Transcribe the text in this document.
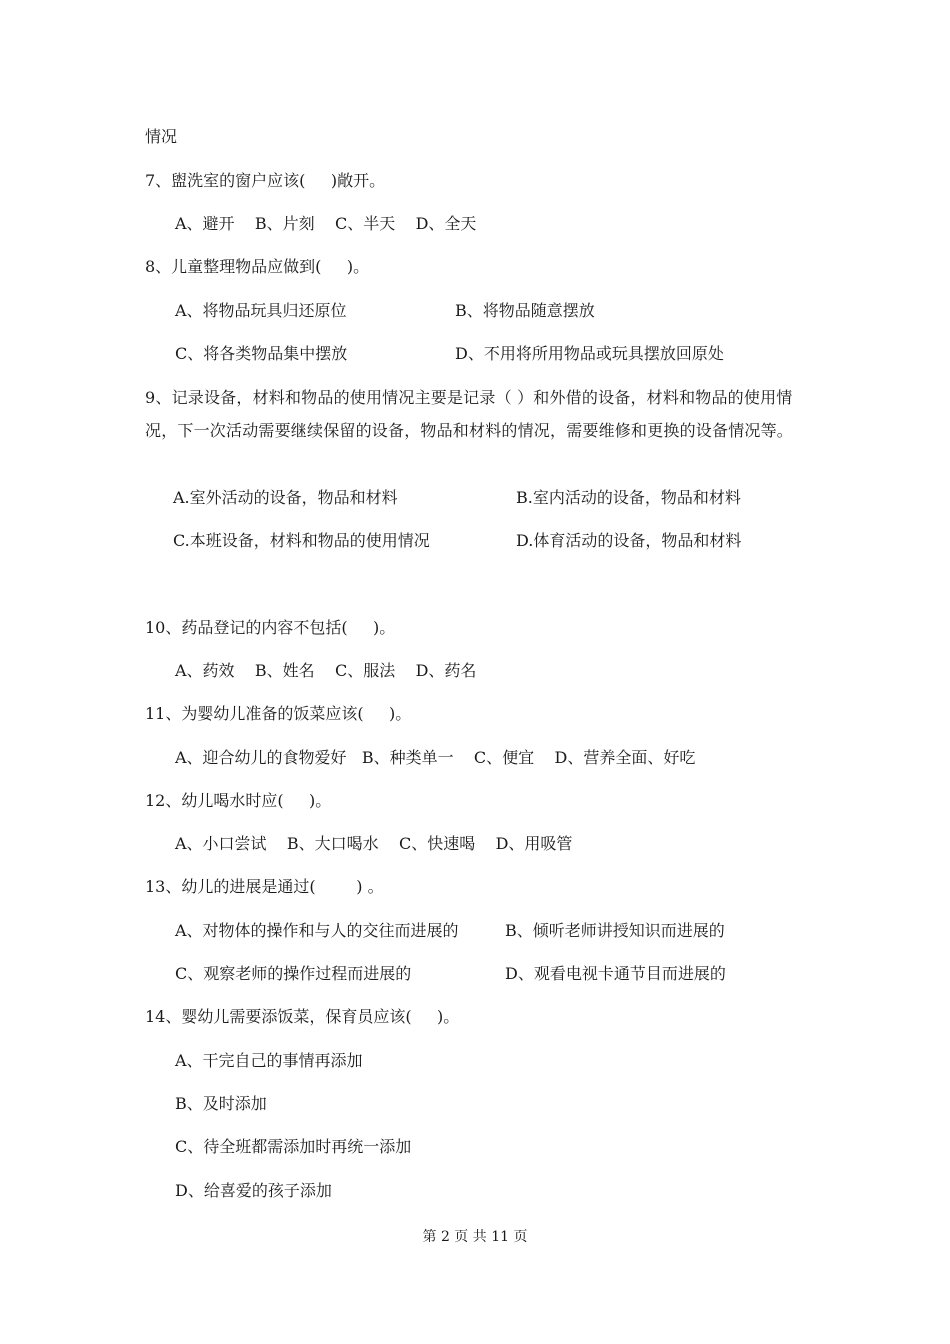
情况
7、盥洗室的窗户应该(     )敞开。
A、避开    B、片刻    C、半天    D、全天
8、儿童整理物品应做到(     )。
A、将物品玩具归还原位	B、将物品随意摆放
C、将各类物品集中摆放	D、不用将所用物品或玩具摆放回原处
9、记录设备，材料和物品的使用情况主要是记录（ ）和外借的设备，材料和物品的使用情况，下一次活动需要继续保留的设备，物品和材料的情况，需要维修和更换的设备情况等。
A.室外活动的设备，物品和材料	B.室内活动的设备，物品和材料
C.本班设备，材料和物品的使用情况	D.体育活动的设备，物品和材料
10、药品登记的内容不包括(     )。
A、药效    B、姓名    C、服法    D、药名
11、为婴幼儿准备的饭菜应该(     )。
A、迎合幼儿的食物爱好   B、种类单一    C、便宜    D、营养全面、好吃
12、幼儿喝水时应(     )。
A、小口尝试    B、大口喝水    C、快速喝    D、用吸管
13、幼儿的进展是通过(        ) 。
A、对物体的操作和与人的交往而进展的	B、倾听老师讲授知识而进展的
C、观察老师的操作过程而进展的	D、观看电视卡通节目而进展的
14、婴幼儿需要添饭菜，保育员应该(     )。
A、干完自己的事情再添加
B、及时添加
C、待全班都需添加时再统一添加
D、给喜爱的孩子添加
第 2 页 共 11 页
